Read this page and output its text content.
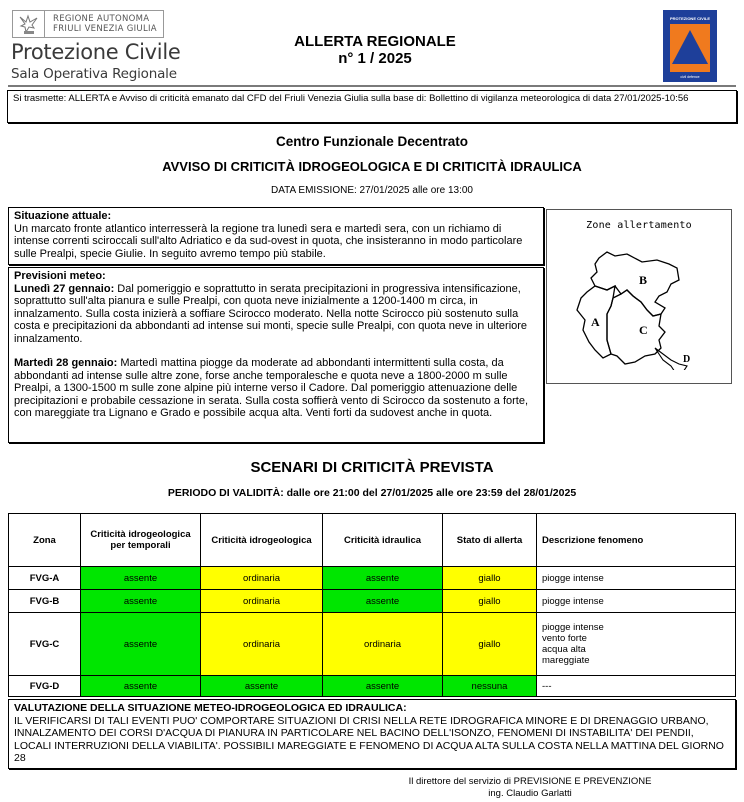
REGIONE AUTONOMA
FRIULI VENEZIA GIULIA
Protezione Civile
Sala Operativa Regionale
ALLERTA REGIONALE
n° 1 / 2025
PROTEZIONE CIVILE
civil defence
Si trasmette: ALLERTA e Avviso di criticità emanato dal CFD del Friuli Venezia Giulia sulla base di: Bollettino di vigilanza meteorologica di data 27/01/2025-10:56
Centro Funzionale Decentrato
AVVISO DI CRITICITÀ IDROGEOLOGICA E DI CRITICITÀ IDRAULICA
DATA EMISSIONE: 27/01/2025 alle ore 13:00
Situazione attuale:
Un marcato fronte atlantico interresserà la regione tra lunedì sera e martedì sera, con un richiamo di intense correnti sciroccali sull'alto Adriatico e da sud-ovest in quota, che insisteranno in modo particolare sulle Prealpi, specie Giulie. In seguito avremo tempo più stabile.
Previsioni meteo:
Lunedì 27 gennaio: Dal pomeriggio e soprattutto in serata precipitazioni in progressiva intensificazione, soprattutto sull'alta pianura e sulle Prealpi, con quota neve inizialmente a 1200-1400 m circa, in innalzamento. Sulla costa inizierà a soffiare Scirocco moderato. Nella notte Scirocco più sostenuto sulla costa e precipitazioni da abbondanti ad intense sui monti, specie sulle Prealpi, con quota neve in ulteriore innalzamento.
Martedì 28 gennaio: Martedì mattina piogge da moderate ad abbondanti intermittenti sulla costa, da abbondanti ad intense sulle altre zone, forse anche temporalesche e quota neve a 1800-2000 m sulle Prealpi, a 1300-1500 m sulle zone alpine più interne verso il Cadore. Dal pomeriggio attenuazione delle precipitazioni e probabile cessazione in serata. Sulla costa soffierà vento di Scirocco da sostenuto a forte, con mareggiate tra Lignano e Grado e possibile acqua alta. Venti forti da sudovest anche in quota.
Zone allertamento
B
A
C
D
SCENARI DI CRITICITÀ PREVISTA
PERIODO DI VALIDITÀ: dalle ore 21:00 del 27/01/2025 alle ore 23:59 del 28/01/2025
Zona	Criticità idrogeologica per temporali	Criticità idrogeologica	Criticità idraulica	Stato di allerta	Descrizione fenomeno
FVG-A	assente	ordinaria	assente	giallo	piogge intense
FVG-B	assente	ordinaria	assente	giallo	piogge intense
FVG-C	assente	ordinaria	ordinaria	giallo	piogge intense
vento forte
acqua alta
mareggiate

FVG-D	assente	assente	assente	nessuna	---
VALUTAZIONE DELLA SITUAZIONE METEO-IDROGEOLOGICA ED IDRAULICA:
IL VERIFICARSI DI TALI EVENTI PUO' COMPORTARE SITUAZIONI DI CRISI NELLA RETE IDROGRAFICA MINORE E DI DRENAGGIO URBANO, INNALZAMENTO DEI CORSI D'ACQUA DI PIANURA IN PARTICOLARE NEL BACINO DELL'ISONZO, FENOMENI DI INSTABILITA' DEI PENDII, LOCALI INTERRUZIONI DELLA VIABILITA'. POSSIBILI MAREGGIATE E FENOMENO DI ACQUA ALTA SULLA COSTA NELLA MATTINA DEL GIORNO 28
Il direttore del servizio di PREVISIONE E PREVENZIONE
ing. Claudio Garlatti
